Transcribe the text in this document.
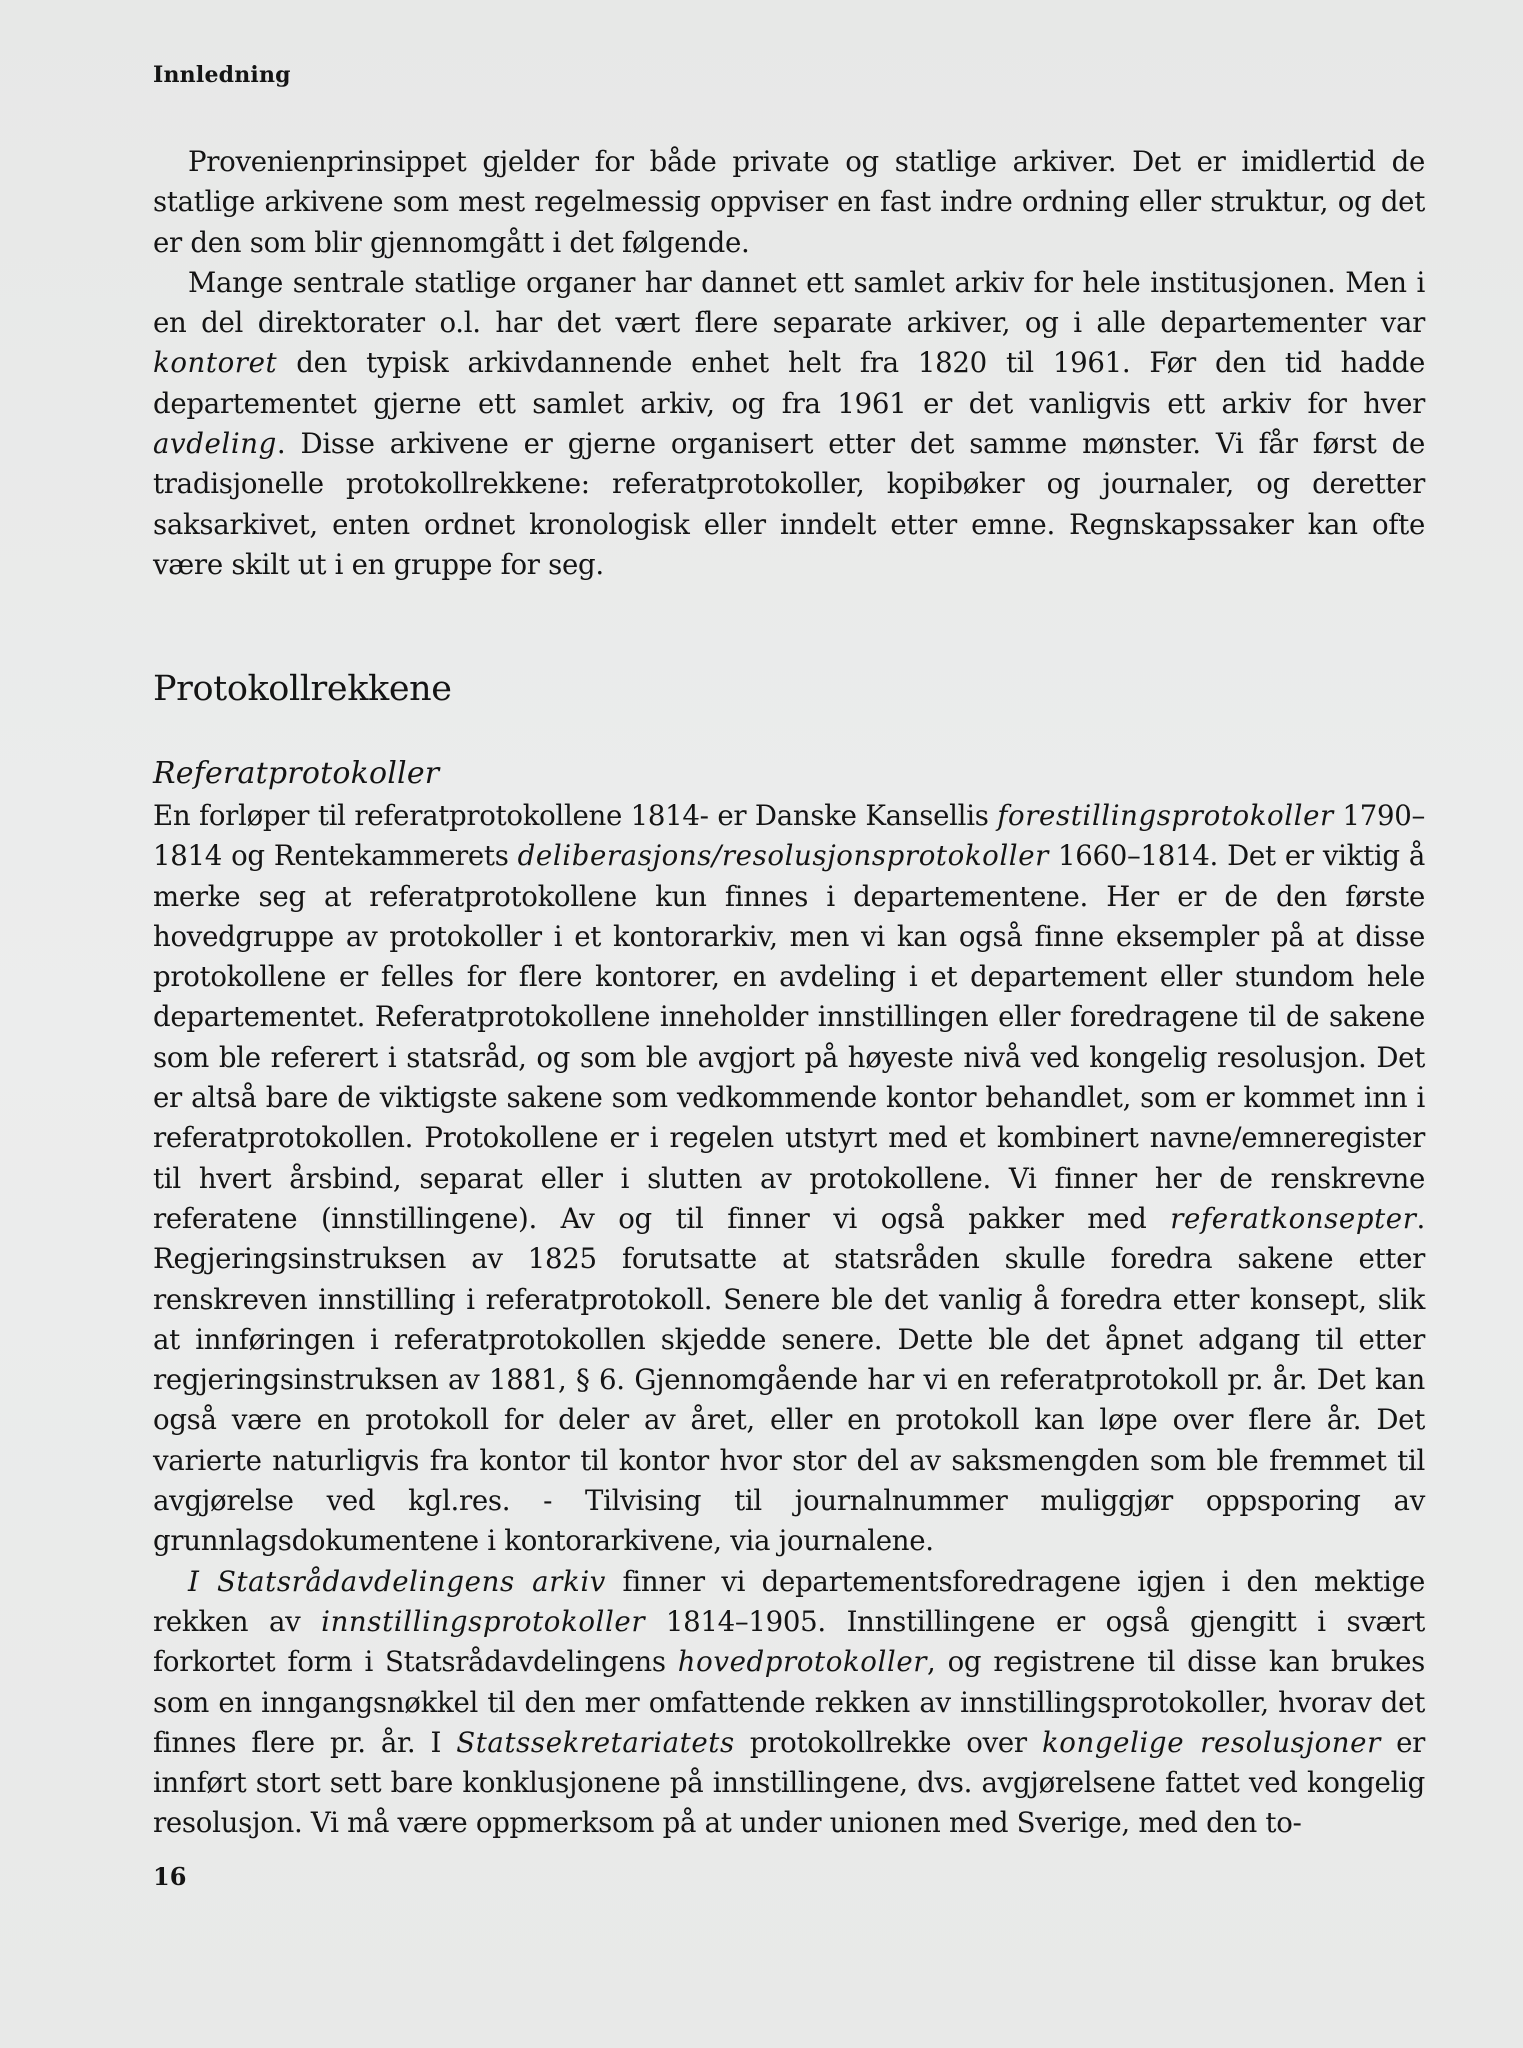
Innledning

Provenienprinsippet gjelder for både private og statlige arkiver. Det er imidlertid de statlige arkivene som mest regelmessig oppviser en fast indre ordning eller struktur, og det er den som blir gjennomgått i det følgende.

Mange sentrale statlige organer har dannet ett samlet arkiv for hele institusjonen. Men i en del direktorater o.l. har det vært flere separate arkiver, og i alle departementer var kontoret den typisk arkivdannende enhet helt fra 1820 til 1961. Før den tid hadde departementet gjerne ett samlet arkiv, og fra 1961 er det vanligvis ett arkiv for hver avdeling. Disse arkivene er gjerne organisert etter det samme mønster. Vi får først de tradisjonelle protokollrekkene: referatprotokoller, kopibøker og journaler, og deretter saksarkivet, enten ordnet kronologisk eller inndelt etter emne. Regnskapssaker kan ofte være skilt ut i en gruppe for seg.

Protokollrekkene
Referatprotokoller

En forløper til referatprotokollene 1814- er Danske Kansellis forestillingsprotokoller 1790–1814 og Rentekammerets deliberasjons/resolusjonsprotokoller 1660–1814. Det er viktig å merke seg at referatprotokollene kun finnes i departementene. Her er de den første hovedgruppe av protokoller i et kontorarkiv, men vi kan også finne eksempler på at disse protokollene er felles for flere kontorer, en avdeling i et departement eller stundom hele departementet. Referatprotokollene inneholder innstillingen eller foredragene til de sakene som ble referert i statsråd, og som ble avgjort på høyeste nivå ved kongelig resolusjon. Det er altså bare de viktigste sakene som vedkommende kontor behandlet, som er kommet inn i referatprotokollen. Protokollene er i regelen utstyrt med et kombinert navne/emneregister til hvert årsbind, separat eller i slutten av protokollene. Vi finner her de renskrevne referatene (innstillingene). Av og til finner vi også pakker med referatkonsepter. Regjeringsinstruksen av 1825 forutsatte at statsråden skulle foredra sakene etter renskreven innstilling i referatprotokoll. Senere ble det vanlig å foredra etter konsept, slik at innføringen i referatprotokollen skjedde senere. Dette ble det åpnet adgang til etter regjeringsinstruksen av 1881, § 6. Gjennomgående har vi en referatprotokoll pr. år. Det kan også være en protokoll for deler av året, eller en protokoll kan løpe over flere år. Det varierte naturligvis fra kontor til kontor hvor stor del av saksmengden som ble fremmet til avgjørelse ved kgl.res. - Tilvising til journalnummer muliggjør oppsporing av grunnlagsdokumentene i kontorarkivene, via journalene.

I Statsrådavdelingens arkiv finner vi departementsforedragene igjen i den mektige rekken av innstillingsprotokoller 1814–1905. Innstillingene er også gjengitt i svært forkortet form i Statsrådavdelingens hovedprotokoller, og registrene til disse kan brukes som en inngangsnøkkel til den mer omfattende rekken av innstillingsprotokoller, hvorav det finnes flere pr. år. I Statssekretariatets protokollrekke over kongelige resolusjoner er innført stort sett bare konklusjonene på innstillingene, dvs. avgjørelsene fattet ved kongelig resolusjon. Vi må være oppmerksom på at under unionen med Sverige, med den to-

16
